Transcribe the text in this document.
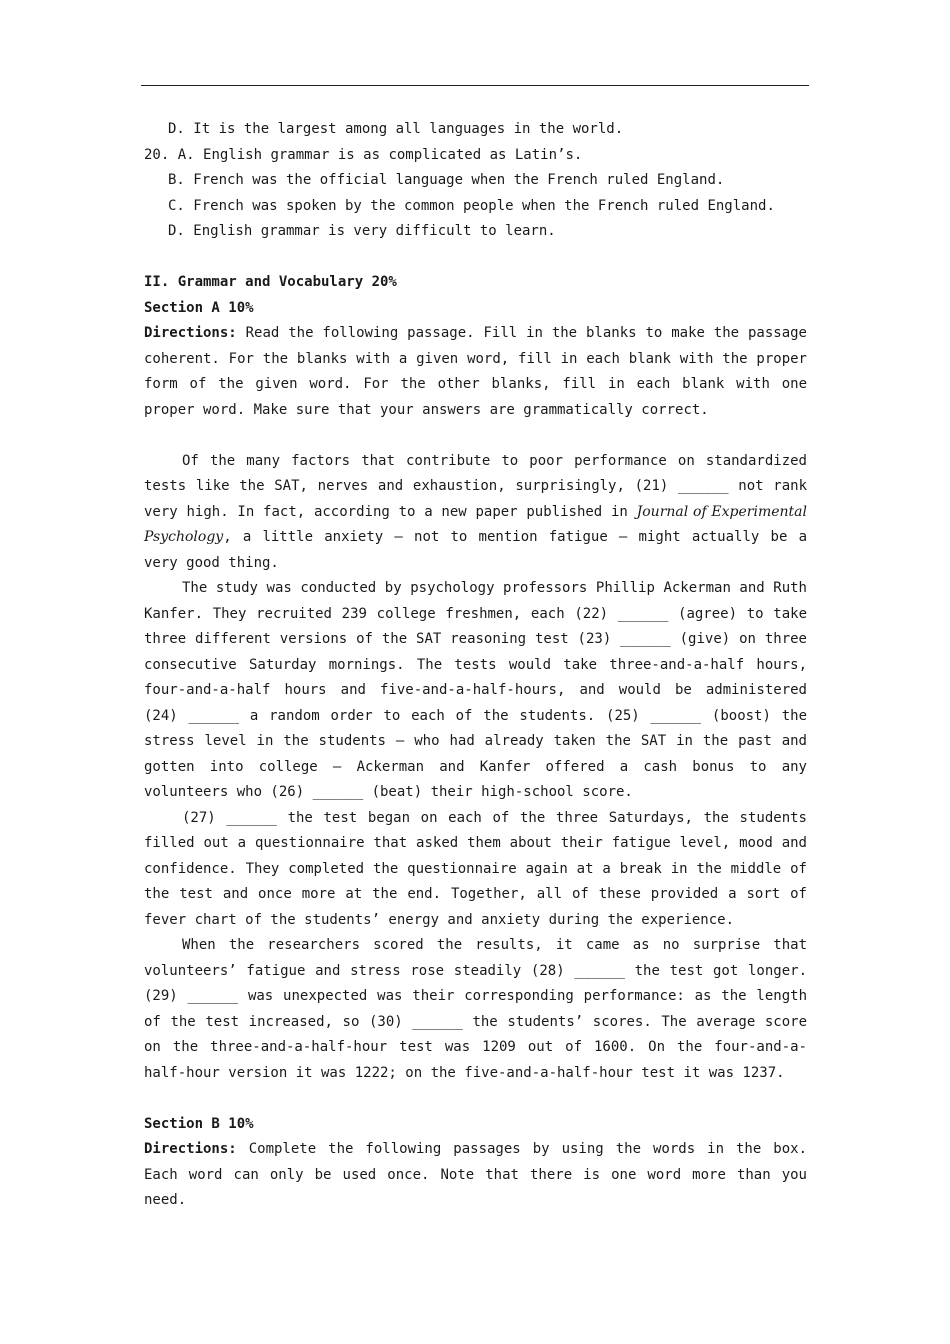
D. It is the largest among all languages in the world.

20. A. English grammar is as complicated as Latin’s.

B. French was the official language when the French ruled England.

C. French was spoken by the common people when the French ruled England.

D. English grammar is very difficult to learn.

II. Grammar and Vocabulary 20%

Section A 10%

Directions: Read the following passage. Fill in the blanks to make the passage coherent. For the blanks with a given word, fill in each blank with the proper form of the given word. For the other blanks, fill in each blank with one proper word. Make sure that your answers are grammatically correct.

Of the many factors that contribute to poor performance on standardized tests like the SAT, nerves and exhaustion, surprisingly, (21) ______ not rank very high. In fact, according to a new paper published in Journal of Experimental Psychology, a little anxiety – not to mention fatigue – might actually be a very good thing.

The study was conducted by psychology professors Phillip Ackerman and Ruth Kanfer. They recruited 239 college freshmen, each (22) ______ (agree) to take three different versions of the SAT reasoning test (23) ______ (give) on three consecutive Saturday mornings. The tests would take three-and-a-half hours, four-and-a-half hours and five-and-a-half-hours, and would be administered (24) ______ a random order to each of the students. (25) ______ (boost) the stress level in the students – who had already taken the SAT in the past and gotten into college – Ackerman and Kanfer offered a cash bonus to any volunteers who (26) ______ (beat) their high-school score.

(27) ______ the test began on each of the three Saturdays, the students filled out a questionnaire that asked them about their fatigue level, mood and confidence. They completed the questionnaire again at a break in the middle of the test and once more at the end. Together, all of these provided a sort of fever chart of the students’ energy and anxiety during the experience.

When the researchers scored the results, it came as no surprise that volunteers’ fatigue and stress rose steadily (28) ______ the test got longer. (29) ______ was unexpected was their corresponding performance: as the length of the test increased, so (30) ______ the students’ scores. The average score on the three-and-a-half-hour test was 1209 out of 1600. On the four-and-a-half-hour version it was 1222; on the five-and-a-half-hour test it was 1237.

Section B 10%

Directions: Complete the following passages by using the words in the box. Each word can only be used once. Note that there is one word more than you need.
